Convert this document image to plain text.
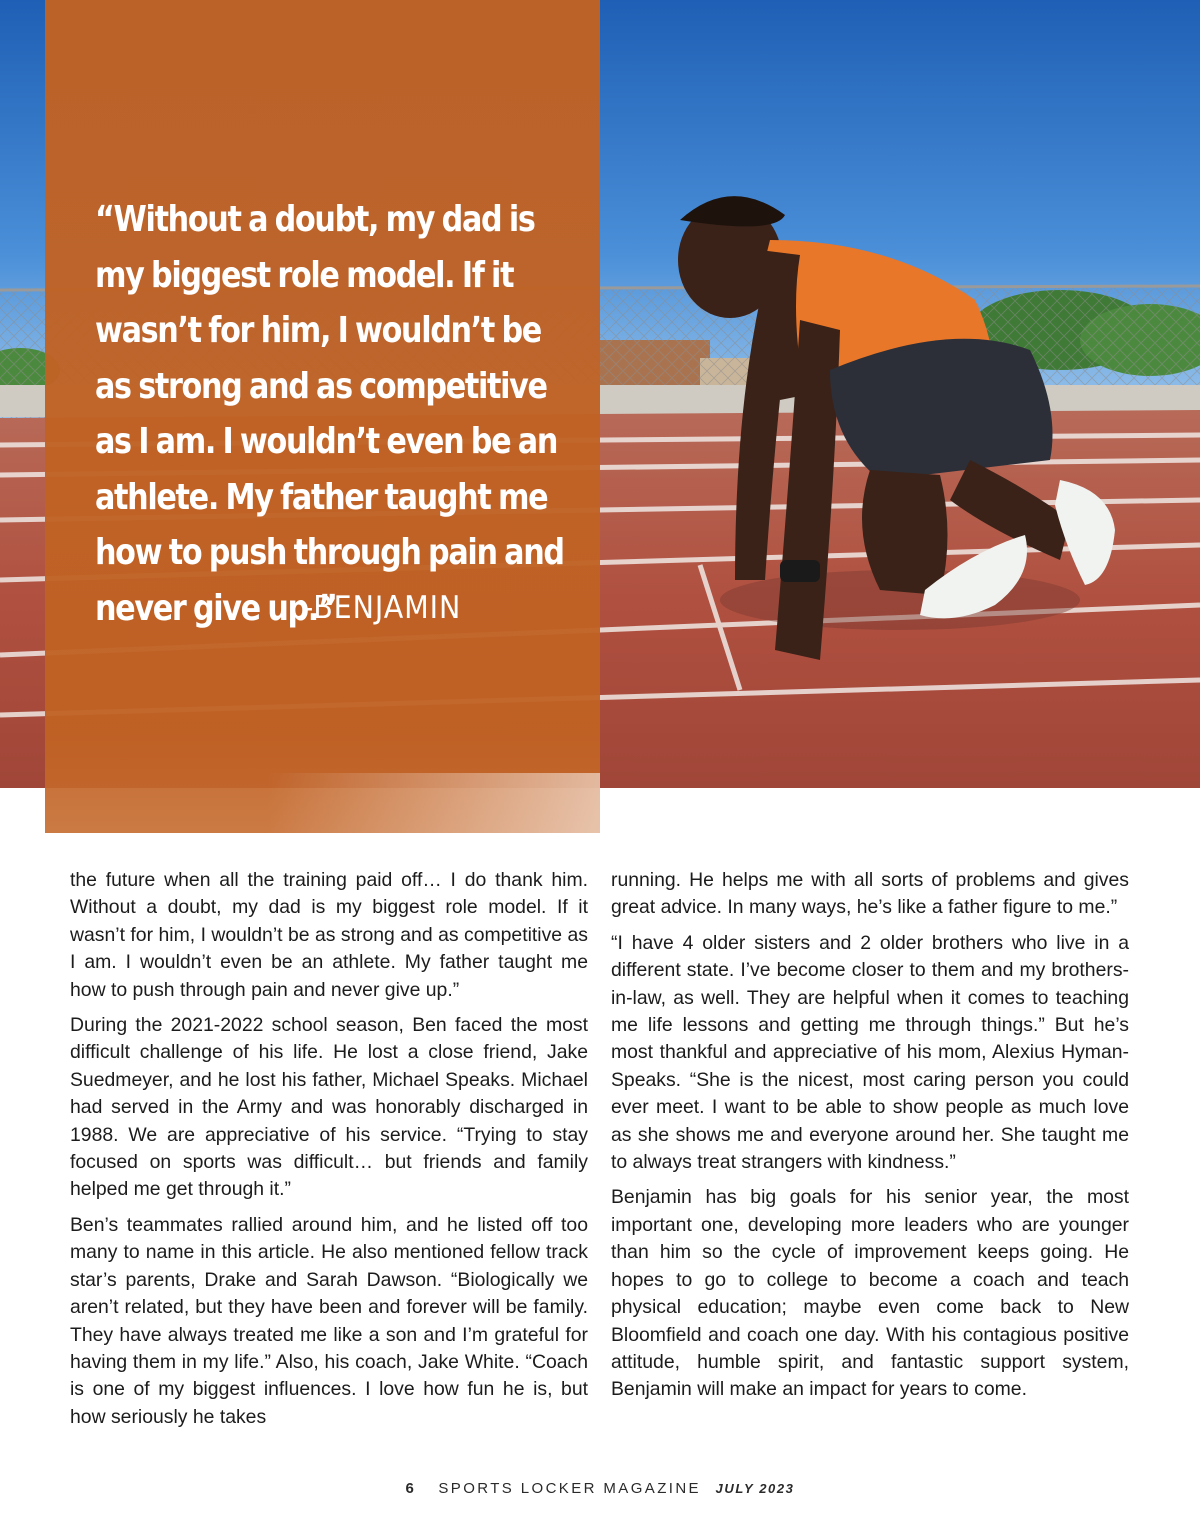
“Without a doubt, my dad is my biggest role model. If it wasn’t for him, I wouldn’t be as strong and as competitive as I am. I wouldn’t even be an athlete. My father taught me how to push through pain and never give up.”

-BENJAMIN

the future when all the training paid off… I do thank him. Without a doubt, my dad is my biggest role model. If it wasn’t for him, I wouldn’t be as strong and as competitive as I am. I wouldn’t even be an athlete. My father taught me how to push through pain and never give up.”

During the 2021-2022 school season, Ben faced the most difficult challenge of his life. He lost a close friend, Jake Suedmeyer, and he lost his father, Michael Speaks. Michael had served in the Army and was honorably discharged in 1988. We are appreciative of his service. “Trying to stay focused on sports was difficult… but friends and family helped me get through it.”

Ben’s teammates rallied around him, and he listed off too many to name in this article. He also mentioned fellow track star’s parents, Drake and Sarah Dawson. “Biologically we aren’t related, but they have been and forever will be family. They have always treated me like a son and I’m grateful for having them in my life.” Also, his coach, Jake White. “Coach is one of my biggest influences. I love how fun he is, but how seriously he takes

running. He helps me with all sorts of problems and gives great advice. In many ways, he’s like a father figure to me.”

“I have 4 older sisters and 2 older brothers who live in a different state. I’ve become closer to them and my brothers-in-law, as well. They are helpful when it comes to teaching me life lessons and getting me through things.” But he’s most thankful and appreciative of his mom, Alexius Hyman-Speaks. “She is the nicest, most caring person you could ever meet. I want to be able to show people as much love as she shows me and everyone around her. She taught me to always treat strangers with kindness.”

Benjamin has big goals for his senior year, the most important one, developing more leaders who are younger than him so the cycle of improvement keeps going. He hopes to go to college to become a coach and teach physical education; maybe even come back to New Bloomfield and coach one day. With his contagious positive attitude, humble spirit, and fantastic support system, Benjamin will make an impact for years to come.

6 SPORTS LOCKER MAGAZINE JULY 2023
